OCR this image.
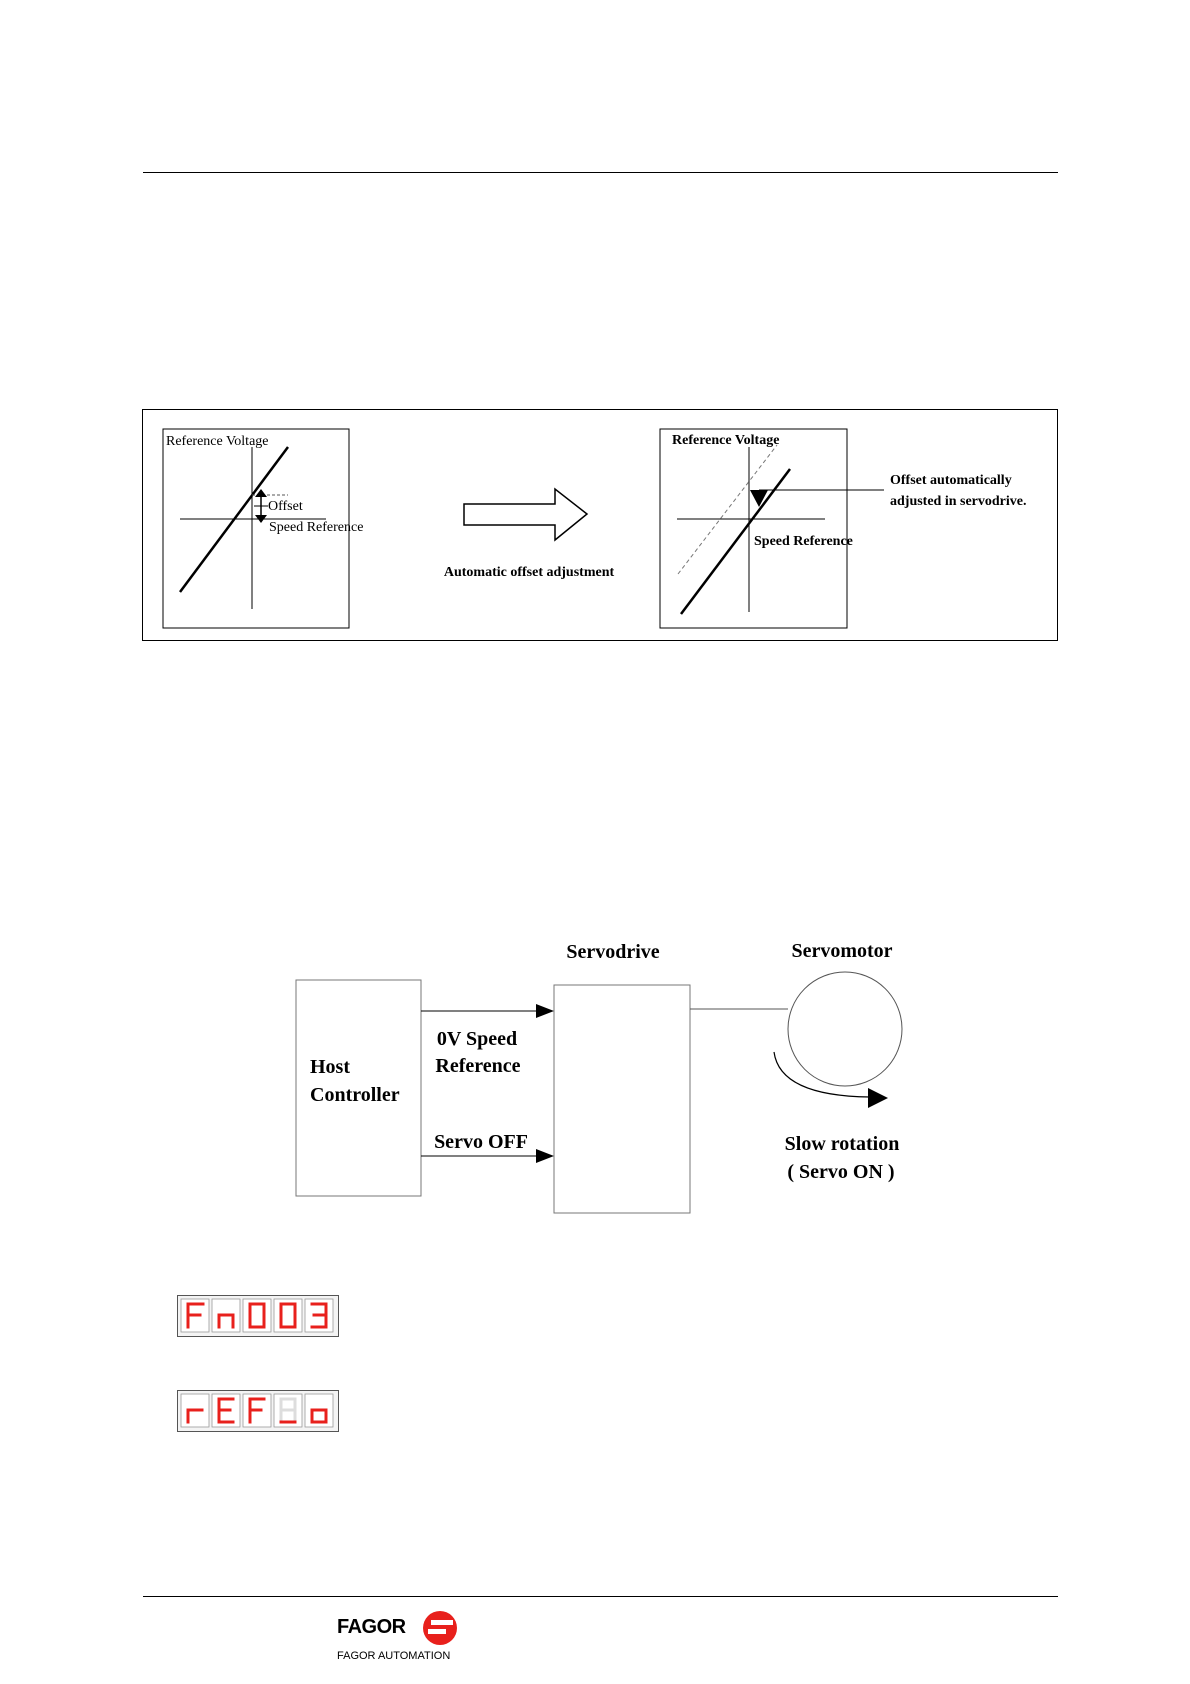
Reference Voltage
Offset
Speed Reference
Automatic offset adjustment
Reference Voltage
Speed Reference
Offset automatically
adjusted in servodrive.
Servodrive	Servomotor
Host
Controller
0V Speed
Reference
Servo OFF	Slow rotation
( Servo ON )
FAGOR
FAGOR AUTOMATION
